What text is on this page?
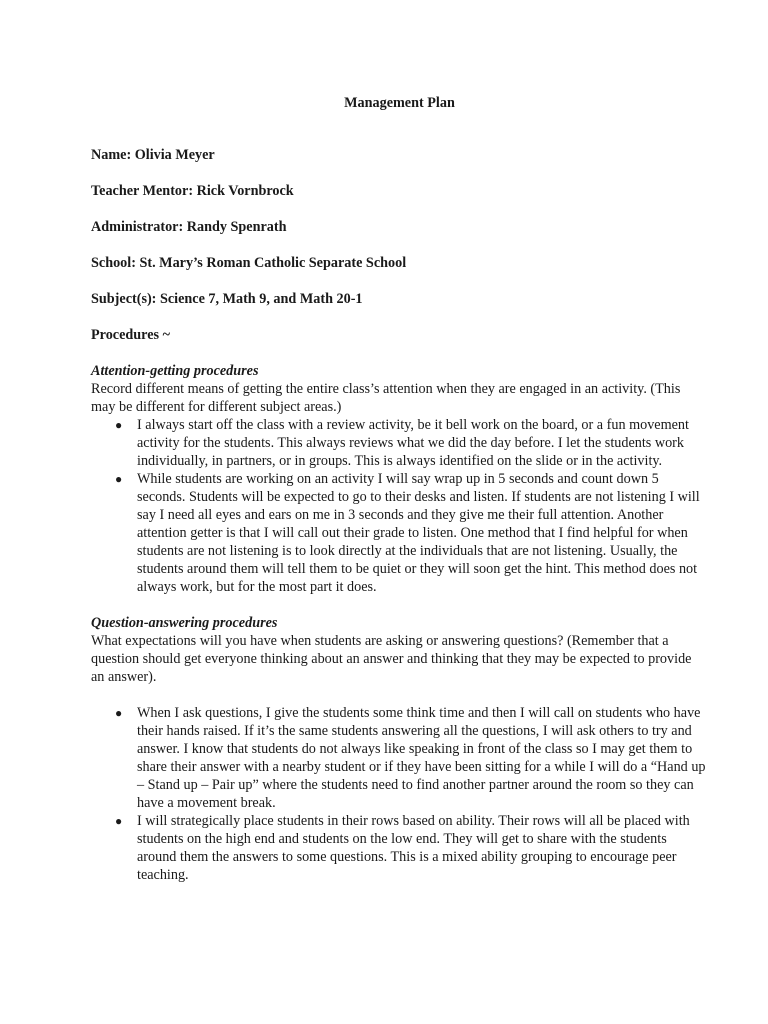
Management Plan

Name: Olivia Meyer

Teacher Mentor: Rick Vornbrock

Administrator: Randy Spenrath

School: St. Mary’s Roman Catholic Separate School

Subject(s): Science 7, Math 9, and Math 20-1

Procedures ~

Attention-getting procedures

Record different means of getting the entire class’s attention when they are engaged in an activity. (This may be different for different subject areas.)

● I always start off the class with a review activity, be it bell work on the board, or a fun movement activity for the students. This always reviews what we did the day before. I let the students work individually, in partners, or in groups. This is always identified on the slide or in the activity.
● While students are working on an activity I will say wrap up in 5 seconds and count down 5 seconds. Students will be expected to go to their desks and listen. If students are not listening I will say I need all eyes and ears on me in 3 seconds and they give me their full attention. Another attention getter is that I will call out their grade to listen. One method that I find helpful for when students are not listening is to look directly at the individuals that are not listening. Usually, the students around them will tell them to be quiet or they will soon get the hint. This method does not always work, but for the most part it does.

Question-answering procedures

What expectations will you have when students are asking or answering questions? (Remember that a question should get everyone thinking about an answer and thinking that they may be expected to provide an answer).

● When I ask questions, I give the students some think time and then I will call on students who have their hands raised. If it’s the same students answering all the questions, I will ask others to try and answer. I know that students do not always like speaking in front of the class so I may get them to share their answer with a nearby student or if they have been sitting for a while I will do a “Hand up – Stand up – Pair up” where the students need to find another partner around the room so they can have a movement break.
● I will strategically place students in their rows based on ability. Their rows will all be placed with students on the high end and students on the low end. They will get to share with the students around them the answers to some questions. This is a mixed ability grouping to encourage peer teaching.
